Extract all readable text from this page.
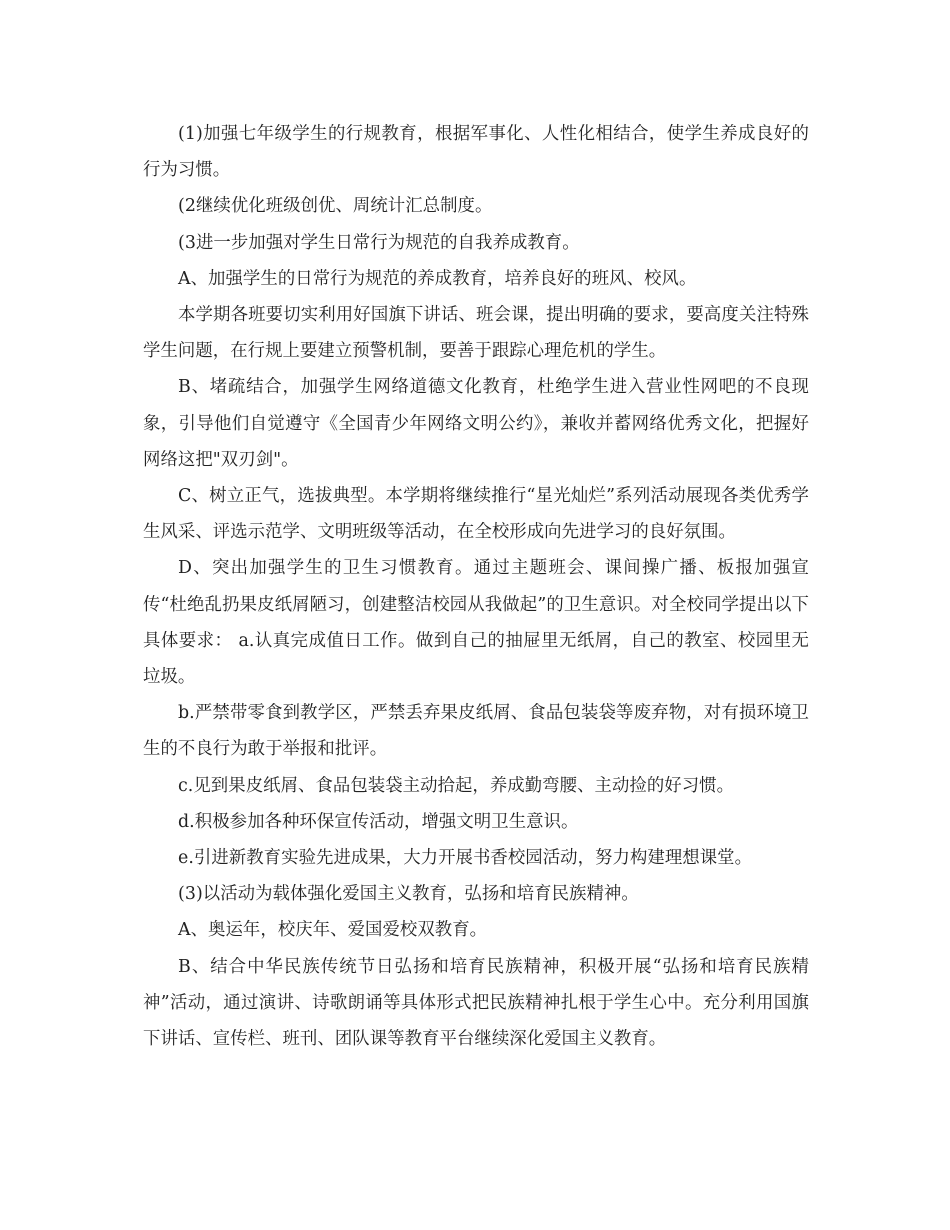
(1)加强七年级学生的行规教育，根据军事化、人性化相结合，使学生养成良好的行为习惯。

(2继续优化班级创优、周统计汇总制度。

(3进一步加强对学生日常行为规范的自我养成教育。

A、加强学生的日常行为规范的养成教育，培养良好的班风、校风。

本学期各班要切实利用好国旗下讲话、班会课，提出明确的要求，要高度关注特殊学生问题，在行规上要建立预警机制，要善于跟踪心理危机的学生。

B、堵疏结合，加强学生网络道德文化教育，杜绝学生进入营业性网吧的不良现象，引导他们自觉遵守《全国青少年网络文明公约》，兼收并蓄网络优秀文化，把握好网络这把"双刃剑"。

C、树立正气，选拔典型。本学期将继续推行“星光灿烂”系列活动展现各类优秀学生风采、评选示范学、文明班级等活动，在全校形成向先进学习的良好氛围。

D、突出加强学生的卫生习惯教育。通过主题班会、课间操广播、板报加强宣传“杜绝乱扔果皮纸屑陋习，创建整洁校园从我做起”的卫生意识。对全校同学提出以下具体要求： a.认真完成值日工作。做到自己的抽屉里无纸屑，自己的教室、校园里无垃圾。

b.严禁带零食到教学区，严禁丢弃果皮纸屑、食品包装袋等废弃物，对有损环境卫生的不良行为敢于举报和批评。

c.见到果皮纸屑、食品包装袋主动拾起，养成勤弯腰、主动捡的好习惯。

d.积极参加各种环保宣传活动，增强文明卫生意识。

e.引进新教育实验先进成果，大力开展书香校园活动，努力构建理想课堂。

(3)以活动为载体强化爱国主义教育，弘扬和培育民族精神。

A、奥运年，校庆年、爱国爱校双教育。

B、结合中华民族传统节日弘扬和培育民族精神，积极开展“弘扬和培育民族精神”活动，通过演讲、诗歌朗诵等具体形式把民族精神扎根于学生心中。充分利用国旗下讲话、宣传栏、班刊、团队课等教育平台继续深化爱国主义教育。
